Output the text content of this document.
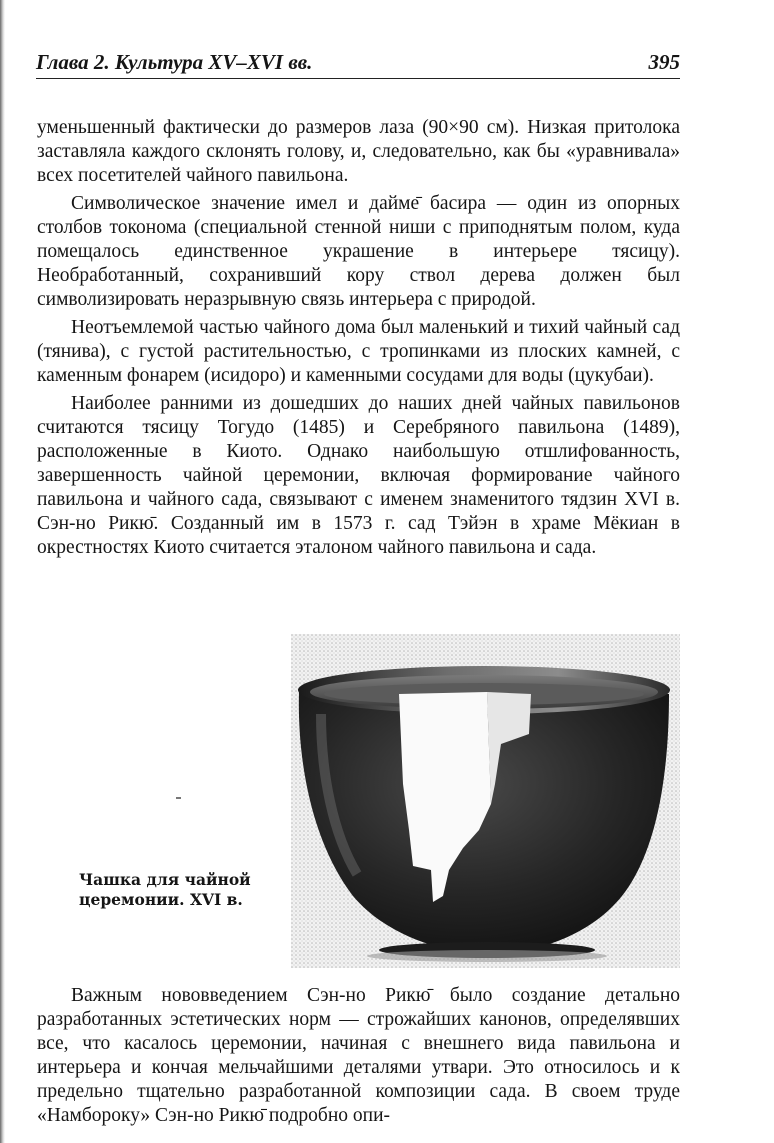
Глава 2. Культура XV–XVI вв.	395

уменьшенный фактически до размеров лаза (90×90 см). Низкая притолока заставляла каждого склонять голову, и, следовательно, как бы «уравнивала» всех посетителей чайного павильона.

Символическое значение имел и дайме̄ басира — один из опорных столбов токонома (специальной стенной ниши с приподнятым полом, куда помещалось единственное украшение в интерьере тясицу). Необработанный, сохранивший кору ствол дерева должен был символизировать неразрывную связь интерьера с природой.

Неотъемлемой частью чайного дома был маленький и тихий чайный сад (тянива), с густой растительностью, с тропинками из плоских камней, с каменным фонарем (исидоро) и каменными сосудами для воды (цукубаи).

Наиболее ранними из дошедших до наших дней чайных павильонов считаются тясицу Тогудо (1485) и Серебряного павильона (1489), расположенные в Киото. Однако наибольшую отшлифованность, завершенность чайной церемонии, включая формирование чайного павильона и чайного сада, связывают с именем знаменитого тядзин XVI в. Сэн-но Рикю̄. Созданный им в 1573 г. сад Тэйэн в храме Мёкиан в окрестностях Киото считается эталоном чайного павильона и сада.

Чашка для чайной
церемонии. XVI в.

Важным нововведением Сэн-но Рикю̄ было создание детально разработанных эстетических норм — строжайших канонов, определявших все, что касалось церемонии, начиная с внешнего вида павильона и интерьера и кончая мельчайшими деталями утвари. Это относилось и к предельно тщательно разработанной композиции сада. В своем труде «Намбороку» Сэн-но Рикю̄ подробно опи-
